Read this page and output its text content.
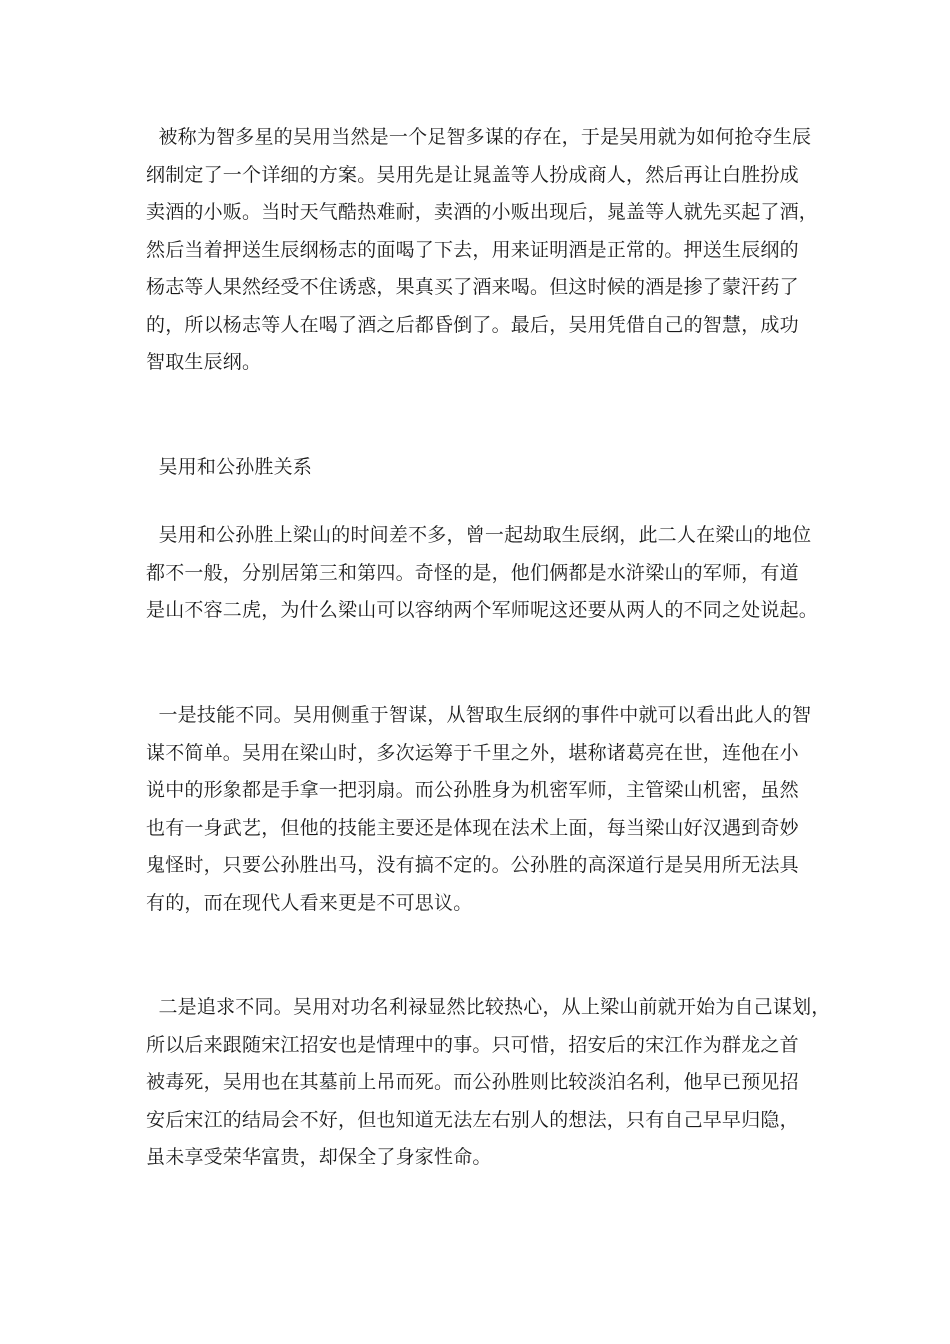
被称为智多星的吴用当然是一个足智多谋的存在，于是吴用就为如何抢夺生辰
纲制定了一个详细的方案。吴用先是让晁盖等人扮成商人，然后再让白胜扮成
卖酒的小贩。当时天气酷热难耐，卖酒的小贩出现后，晁盖等人就先买起了酒，
然后当着押送生辰纲杨志的面喝了下去，用来证明酒是正常的。押送生辰纲的
杨志等人果然经受不住诱惑，果真买了酒来喝。但这时候的酒是掺了蒙汗药了
的，所以杨志等人在喝了酒之后都昏倒了。最后，吴用凭借自己的智慧，成功
智取生辰纲。
吴用和公孙胜关系
吴用和公孙胜上梁山的时间差不多，曾一起劫取生辰纲，此二人在梁山的地位
都不一般，分别居第三和第四。奇怪的是，他们俩都是水浒梁山的军师，有道
是山不容二虎，为什么梁山可以容纳两个军师呢这还要从两人的不同之处说起。
一是技能不同。吴用侧重于智谋，从智取生辰纲的事件中就可以看出此人的智
谋不简单。吴用在梁山时，多次运筹于千里之外，堪称诸葛亮在世，连他在小
说中的形象都是手拿一把羽扇。而公孙胜身为机密军师，主管梁山机密，虽然
也有一身武艺，但他的技能主要还是体现在法术上面，每当梁山好汉遇到奇妙
鬼怪时，只要公孙胜出马，没有搞不定的。公孙胜的高深道行是吴用所无法具
有的，而在现代人看来更是不可思议。
二是追求不同。吴用对功名利禄显然比较热心，从上梁山前就开始为自己谋划，
所以后来跟随宋江招安也是情理中的事。只可惜，招安后的宋江作为群龙之首
被毒死，吴用也在其墓前上吊而死。而公孙胜则比较淡泊名利，他早已预见招
安后宋江的结局会不好，但也知道无法左右别人的想法，只有自己早早归隐，
虽未享受荣华富贵，却保全了身家性命。
